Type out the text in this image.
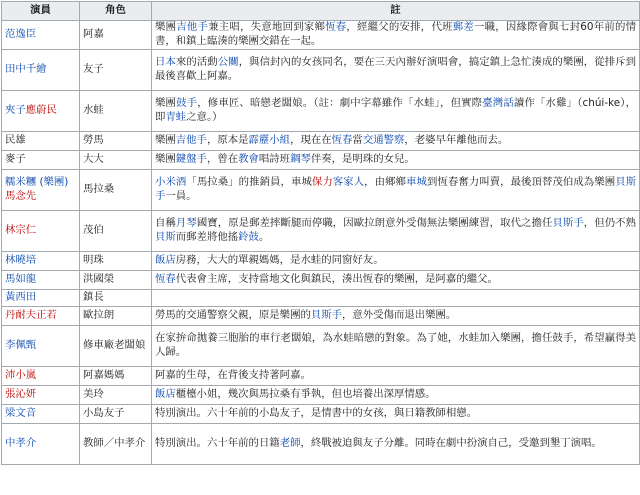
演員	角色	註
范逸臣	阿嘉	樂團吉他手兼主唱，失意地回到家鄉恆春，經繼父的安排，代班郵差一職，因緣際會與七封60年前的情書，和鎮上臨湊的樂團交錯在一起。
田中千繪	友子	日本來的活動公關，與信封內的女孩同名，要在三天內辦好演唱會，搞定鎮上急忙湊成的樂團，從排斥到最後喜歡上阿嘉。
夾子應蔚民	水蛙	樂團鼓手，修車匠、暗戀老闆娘。（註：劇中字幕雖作「水蛙」，但實際臺灣話讀作「水雞」（chúi-ke），即青蛙之意。）
民雄	勞馬	樂團吉他手，原本是霹靂小組，現在在恆春當交通警察，老婆早年離他而去。
麥子	大大	樂團鍵盤手，曾在教會唱詩班鋼琴伴奏，是明珠的女兒。
糯米糰 (樂團)
馬念先	馬拉桑	小米酒「馬拉桑」的推銷員，車城保力客家人，由鄉鄉車城到恆春奮力叫賣，最後頂替茂伯成為樂團貝斯手一員。
林宗仁	茂伯	自稱月琴國寶，原是郵差摔斷腿而停職，因歐拉朗意外受傷無法樂團練習，取代之擔任貝斯手，但仍不熟貝斯而郵差將他搖鈴鼓。
林曉培	明珠	飯店房務，大大的單親媽媽，是水蛙的同窗好友。
馬如龍	洪國榮	恆春代表會主席，支持當地文化與鎮民，湊出恆春的樂團，是阿嘉的繼父。
黃西田	鎮長	
丹耐夫正若	歐拉朗	勞馬的交通警察父親，原是樂團的貝斯手，意外受傷而退出樂團。
李佩甄	修車廠老闆娘	在家拚命拋養三胞胎的車行老闆娘，為水蛙暗戀的對象。為了她，水蛙加入樂團，擔任鼓手，希望贏得美人歸。
沛小嵐	阿嘉媽媽	阿嘉的生母，在背後支持著阿嘉。
張沁妍	美玲	飯店櫃檯小姐，幾次與馬拉桑有爭執，但也培養出深厚情感。
梁文音	小島友子	特別演出。六十年前的小島友子，是情書中的女孩，與日籍教師相戀。
中孝介	教師／中孝介	特別演出。六十年前的日籍老師，終戰被迫與友子分離。同時在劇中扮演自己，受邀到墾丁演唱。
